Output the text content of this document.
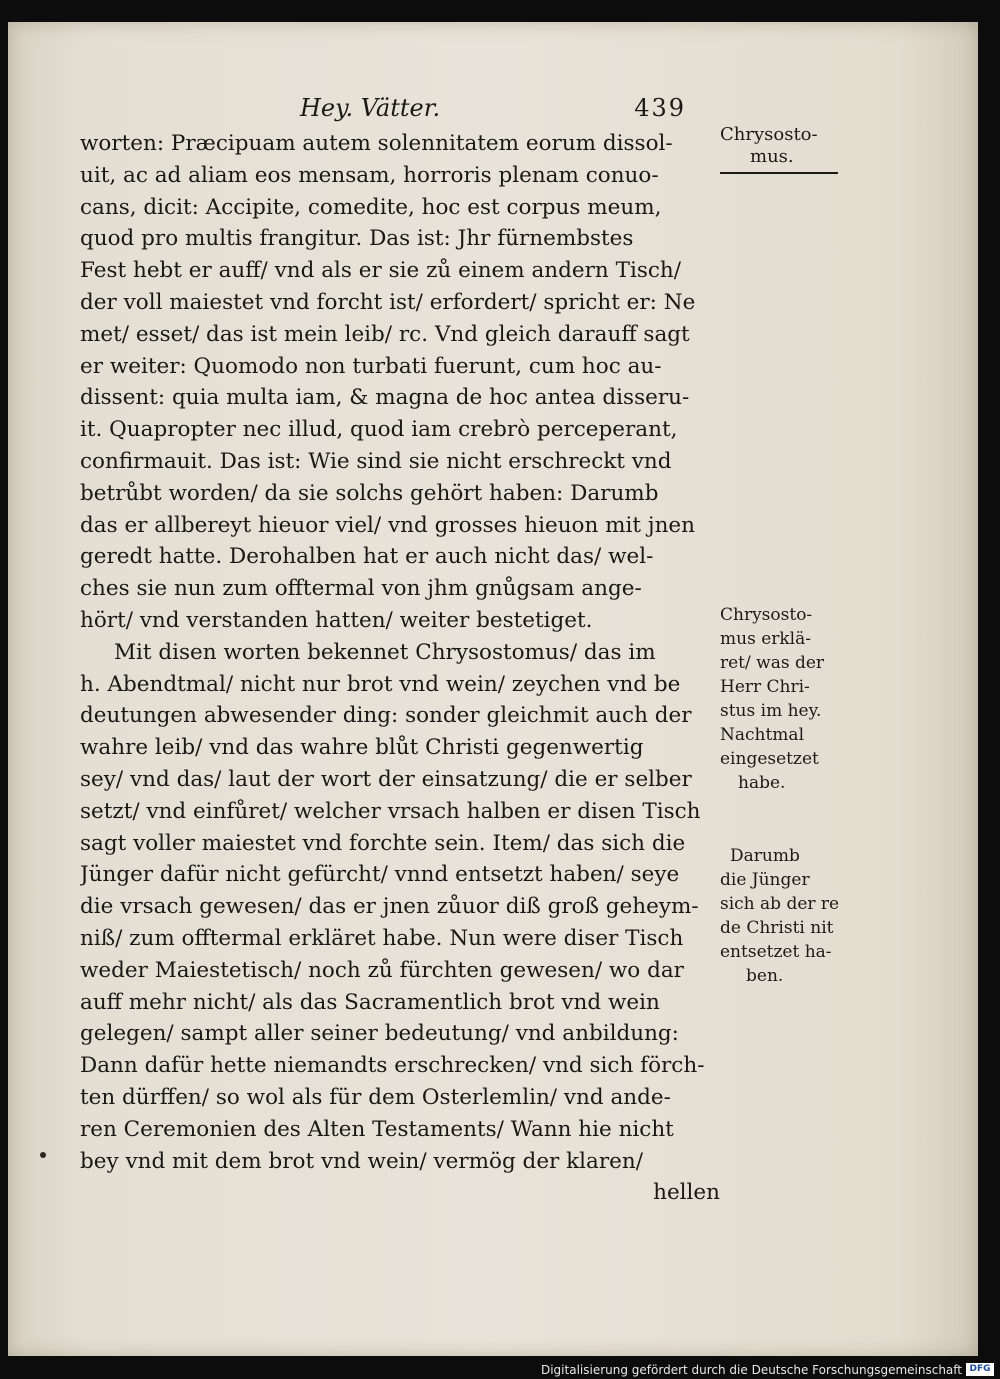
Hey. Vätter.	439
worten: Præcipuam autem solennitatem eorum dissol-
uit, ac ad aliam eos mensam, horroris plenam conuo-
cans, dicit: Accipite, comedite, hoc est corpus meum,
quod pro multis frangitur. Das ist: Jhr fürnembstes
Fest hebt er auff/ vnd als er sie zů einem andern Tisch/
der voll maiestet vnd forcht ist/ erfordert/ spricht er: Ne
met/ esset/ das ist mein leib/ rc. Vnd gleich darauff sagt
er weiter: Quomodo non turbati fuerunt, cum hoc au-
dissent: quia multa iam, & magna de hoc antea disseru-
it. Quapropter nec illud, quod iam crebrò perceperant,
confirmauit. Das ist: Wie sind sie nicht erschreckt vnd
betrůbt worden/ da sie solchs gehört haben: Darumb
das er allbereyt hieuor viel/ vnd grosses hieuon mit jnen
geredt hatte. Derohalben hat er auch nicht das/ wel-
ches sie nun zum offtermal von jhm gnůgsam ange-
hört/ vnd verstanden hatten/ weiter bestetiget.
Mit disen worten bekennet Chrysostomus/ das im
h. Abendtmal/ nicht nur brot vnd wein/ zeychen vnd be
deutungen abwesender ding: sonder gleichmit auch der
wahre leib/ vnd das wahre blůt Christi gegenwertig
sey/ vnd das/ laut der wort der einsatzung/ die er selber
setzt/ vnd einfůret/ welcher vrsach halben er disen Tisch
sagt voller maiestet vnd forchte sein. Item/ das sich die
Jünger dafür nicht gefürcht/ vnnd entsetzt haben/ seye
die vrsach gewesen/ das er jnen zůuor diß groß geheym-
niß/ zum offtermal erkläret habe. Nun were diser Tisch
weder Maiestetisch/ noch zů fürchten gewesen/ wo dar
auff mehr nicht/ als das Sacramentlich brot vnd wein
gelegen/ sampt aller seiner bedeutung/ vnd anbildung:
Dann dafür hette niemandts erschrecken/ vnd sich förch-
ten dürffen/ so wol als für dem Osterlemlin/ vnd ande-
ren Ceremonien des Alten Testaments/ Wann hie nicht
bey vnd mit dem brot vnd wein/ vermög der klaren/
hellen
Chrysosto-
mus.
Chrysosto-
mus erklä-
ret/ was der
Herr Chri-
stus im hey.
Nachtmal
eingesetzet
habe.
Darumb
die Jünger
sich ab der re
de Christi nit
entsetzet ha-
ben.
Digitalisierung gefördert durch die Deutsche Forschungsgemeinschaft DFG
